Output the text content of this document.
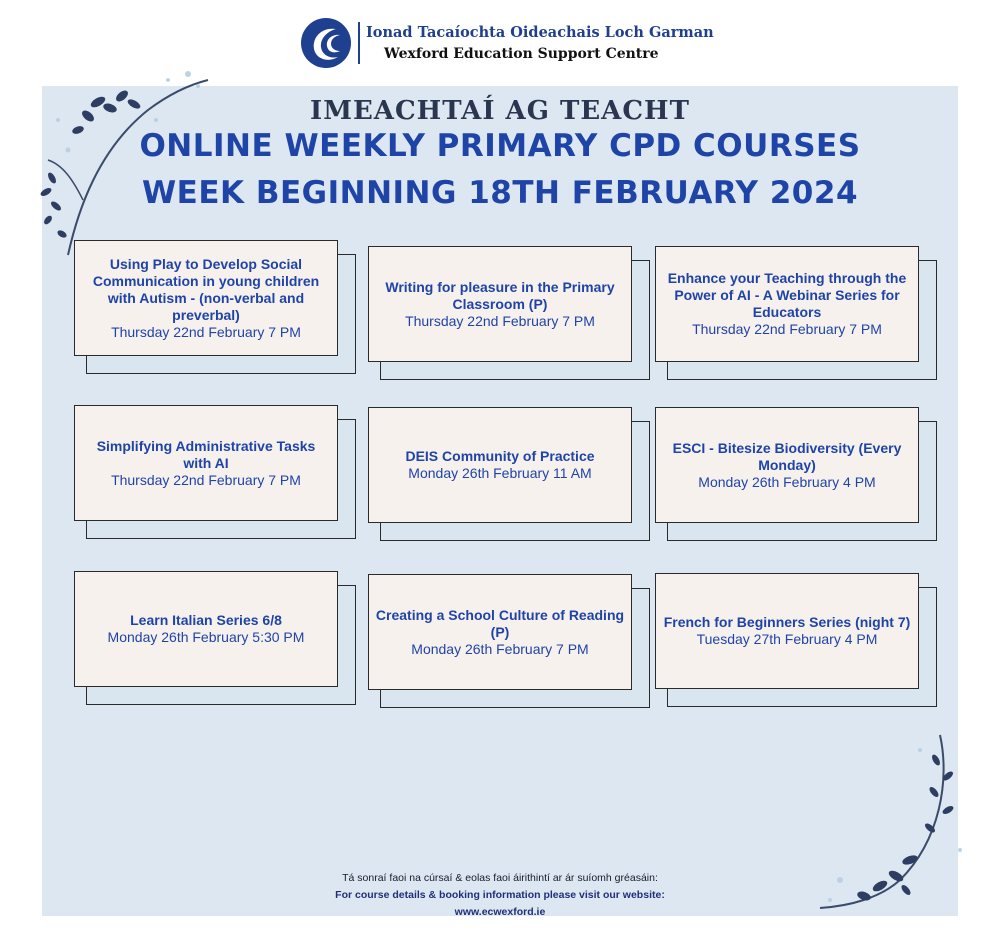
Ionad Tacaíochta Oideachais Loch Garman
Wexford Education Support Centre
IMEACHTAÍ AG TEACHT
ONLINE WEEKLY PRIMARY CPD COURSES
WEEK BEGINNING 18TH FEBRUARY 2024
Using Play to Develop Social Communication in young children with Autism - (non-verbal and preverbal)
Thursday 22nd February 7 PM
Writing for pleasure in the Primary Classroom (P)
Thursday 22nd February 7 PM
Enhance your Teaching through the Power of AI - A Webinar Series for Educators
Thursday 22nd February 7 PM
Simplifying Administrative Tasks with AI
Thursday 22nd February 7 PM
DEIS Community of Practice
Monday 26th February 11 AM
ESCI - Bitesize Biodiversity (Every Monday)
Monday 26th February 4 PM
Learn Italian Series 6/8
Monday 26th February 5:30 PM
Creating a School Culture of Reading (P)
Monday 26th February 7 PM
French for Beginners Series (night 7)
Tuesday 27th February 4 PM
Tá sonraí faoi na cúrsaí & eolas faoi áirithintí ar ár suíomh gréasáin:
For course details & booking information please visit our website:
www.ecwexford.ie
